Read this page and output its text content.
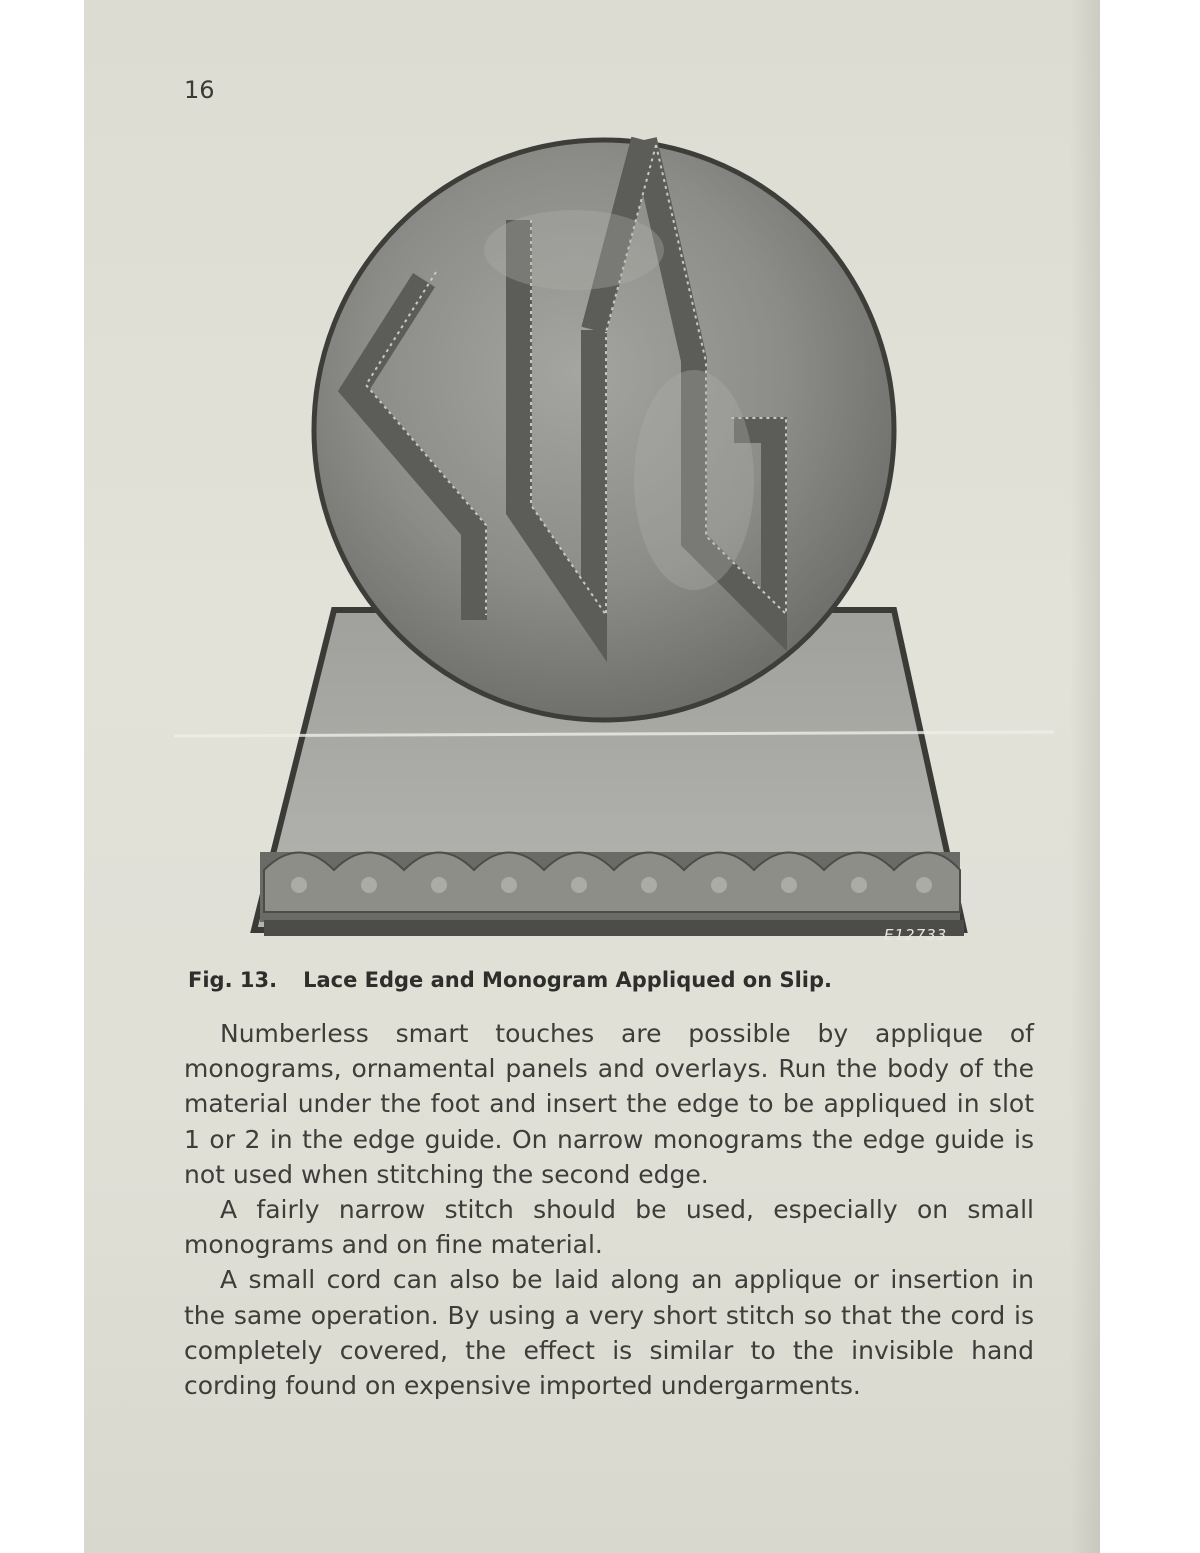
16
E12733
Fig. 13. Lace Edge and Monogram Appliqued on Slip.

Numberless smart touches are possible by applique of monograms, ornamental panels and overlays. Run the body of the material under the foot and insert the edge to be appliqued in slot 1 or 2 in the edge guide. On narrow monograms the edge guide is not used when stitching the second edge.

A fairly narrow stitch should be used, especially on small monograms and on fine material.

A small cord can also be laid along an applique or insertion in the same operation. By using a very short stitch so that the cord is completely covered, the effect is similar to the invisible hand cording found on expensive imported undergarments.
